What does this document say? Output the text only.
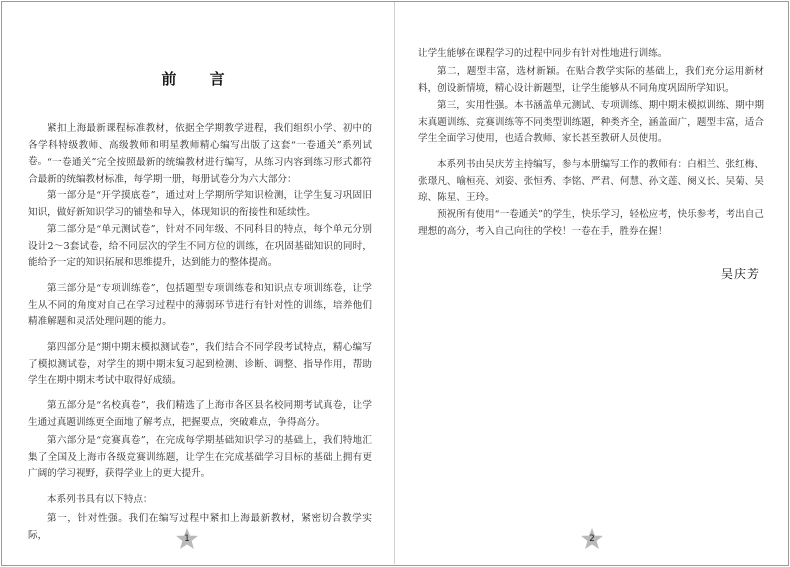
前 言

紧扣上海最新课程标准教材，依据全学期教学进程，我们组织小学、初中的各学科特级教师、高级教师和明星教师精心编写出版了这套“一卷通关”系列试卷。 “一卷通关”完全按照最新的统编教材进行编写，从练习内容到练习形式都符合最新的统编教材标准，每学期一册，每册试卷分为六大部分：

第一部分是“开学摸底卷”，通过对上学期所学知识检测，让学生复习巩固旧知识，做好新知识学习的铺垫和导入，体现知识的衔接性和延续性。

第二部分是“单元测试卷”，针对不同年级、不同科目的特点，每个单元分别设计2～3套试卷，给不同层次的学生不同方位的训练，在巩固基础知识的同时，能给予一定的知识拓展和思维提升，达到能力的整体提高。

第三部分是“专项训练卷”，包括题型专项训练卷和知识点专项训练卷，让学生从不同的角度对自己在学习过程中的薄弱环节进行有针对性的训练，培养他们精准解题和灵活处理问题的能力。

第四部分是“期中期末模拟测试卷”，我们结合不同学段考试特点，精心编写了模拟测试卷，对学生的期中期末复习起到检测、诊断、调整、指导作用，帮助学生在期中期末考试中取得好成绩。

第五部分是“名校真卷”，我们精选了上海市各区县名校同期考试真卷，让学生通过真题训练更全面地了解考点，把握要点，突破难点，争得高分。

第六部分是“竞赛真卷”，在完成每学期基础知识学习的基础上，我们特地汇集了全国及上海市各级竞赛训练题，让学生在完成基础学习目标的基础上拥有更广阔的学习视野，获得学业上的更大提升。

本系列书具有以下特点：

第一，针对性强。我们在编写过程中紧扣上海最新教材，紧密切合教学实际，	1

让学生能够在课程学习的过程中同步有针对性地进行训练。

第二，题型丰富，选材新颖。在贴合教学实际的基础上，我们充分运用新材料，创设新情境，精心设计新题型，让学生能够从不同角度巩固所学知识。

第三，实用性强。本书涵盖单元测试、专项训练、期中期末模拟训练、期中期末真题训练、竞赛训练等不同类型训练题，种类齐全，涵盖面广，题型丰富，适合学生全面学习使用，也适合教师、家长甚至教研人员使用。

本系列书由吴庆芳主持编写，参与本册编写工作的教师有：白相兰、张红梅、张璟凡、喻桓亮、刘姿、张恒秀、李铭、严君、何慧、孙文莲、阕义长、吴菊、吴琼、陈星、王玲。

预祝所有使用“一卷通关”的学生，快乐学习，轻松应考，快乐参考，考出自己理想的高分，考入自己向往的学校！一卷在手，胜券在握！

吴庆芳
2
